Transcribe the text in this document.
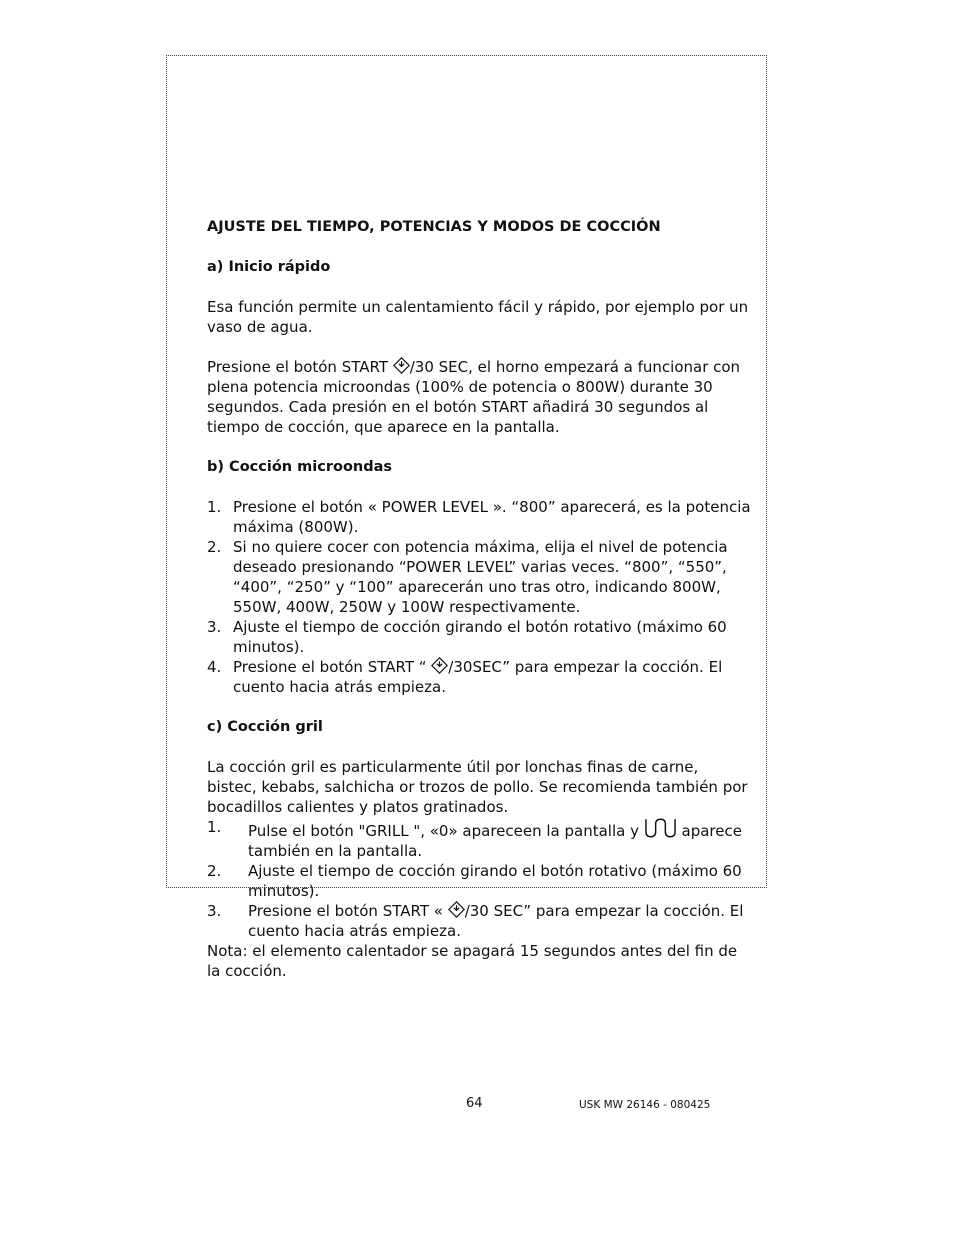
AJUSTE DEL TIEMPO, POTENCIAS Y MODOS DE COCCIÓN

a) Inicio rápido

Esa función permite un calentamiento fácil y rápido, por ejemplo por un vaso de agua.

Presione el botón START /30 SEC, el horno empezará a funcionar con plena potencia microondas (100% de potencia o 800W) durante 30 segundos. Cada presión en el botón START añadirá 30 segundos al tiempo de cocción, que aparece en la pantalla.

b) Cocción microondas

1. Presione el botón « POWER LEVEL ». “800” aparecerá, es la potencia máxima (800W).
2. Si no quiere cocer con potencia máxima, elija el nivel de potencia deseado presionando “POWER LEVEL” varias veces. “800”, “550”, “400”, “250” y “100” aparecerán uno tras otro, indicando 800W, 550W, 400W, 250W y 100W respectivamente.
3. Ajuste el tiempo de cocción girando el botón rotativo (máximo 60 minutos).
4. Presione el botón START “ /30SEC” para empezar la cocción. El cuento hacia atrás empieza.

c) Cocción gril

La cocción gril es particularmente útil por lonchas finas de carne, bistec, kebabs, salchicha or trozos de pollo. Se recomienda también por bocadillos calientes y platos gratinados.

1.	Pulse el botón "GRILL ", «0» apareceen la pantalla y  aparece también en la pantalla.
2.	Ajuste el tiempo de cocción girando el botón rotativo (máximo 60 minutos).
3.	Presione el botón START « /30 SEC” para empezar la cocción. El cuento hacia atrás empieza.

Nota: el elemento calentador se apagará 15 segundos antes del fin de la cocción.

64	USK MW 26146 - 080425
